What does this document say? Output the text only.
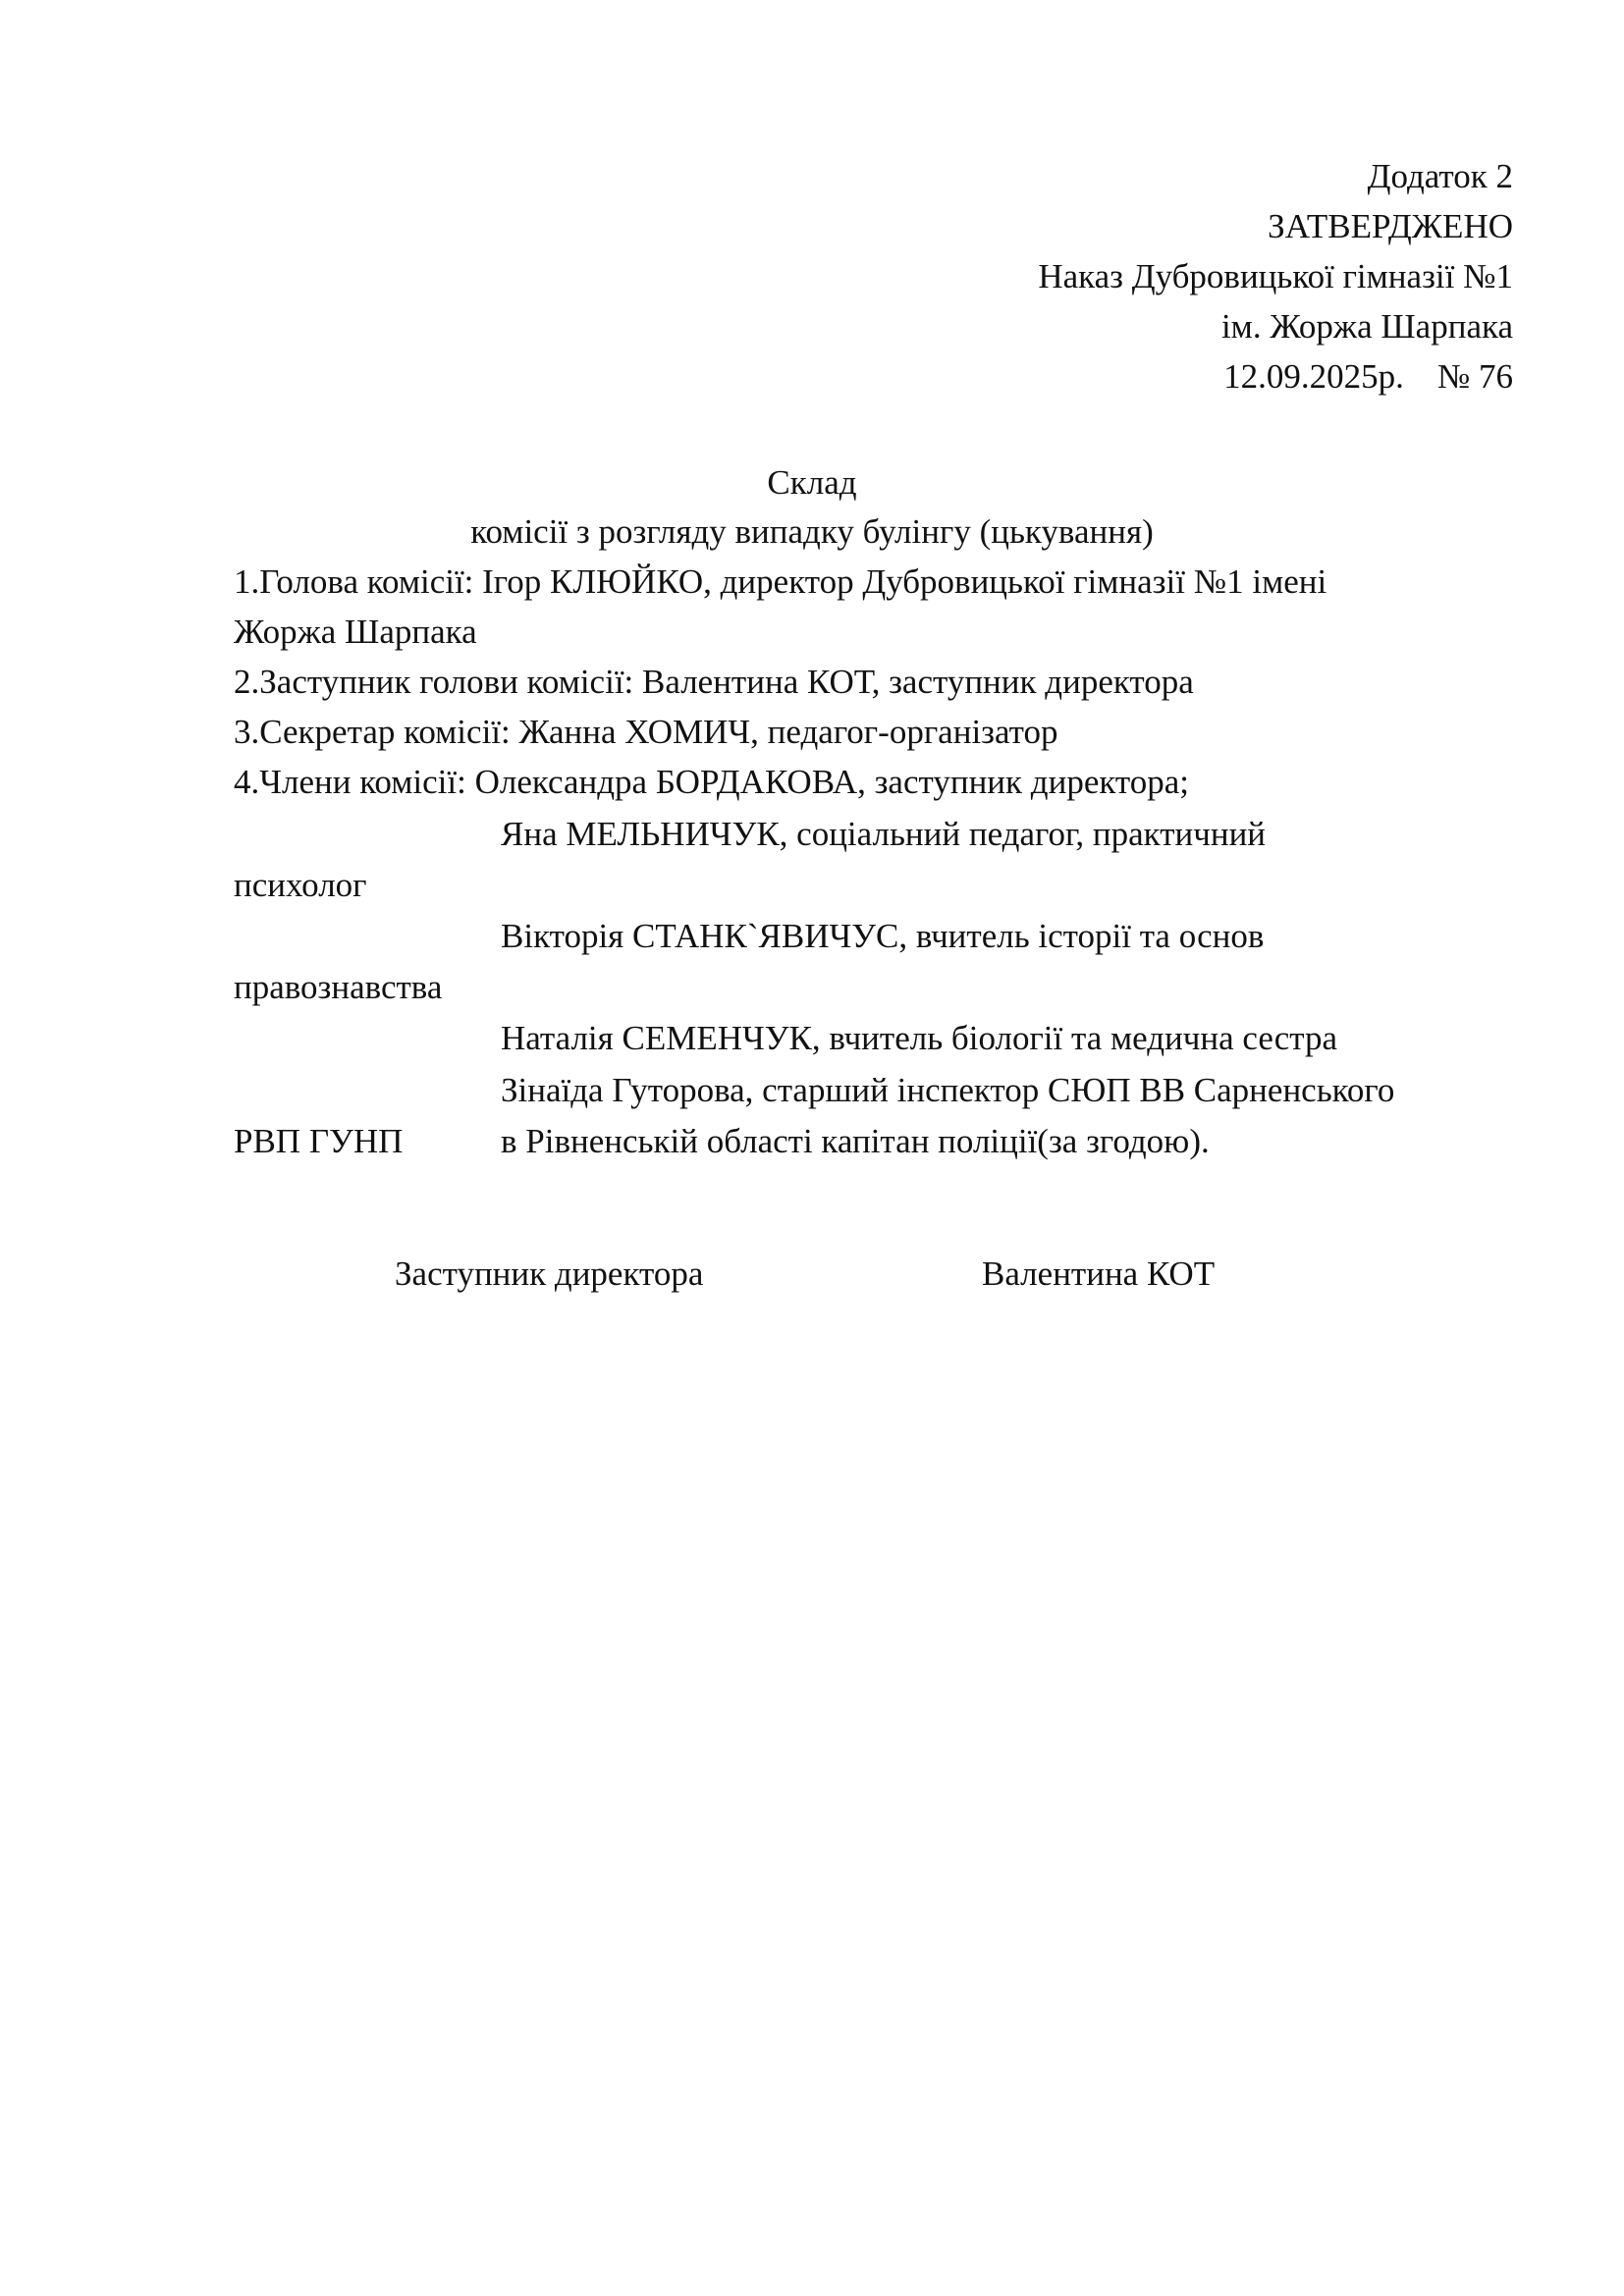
Додаток 2
ЗАТВЕРДЖЕНО
Наказ Дубровицької гімназії №1
ім. Жоржа Шарпака
12.09.2025р. № 76
Склад
комісії з розгляду випадку булінгу (цькування)
1.Голова комісії: Ігор КЛЮЙКО, директор Дубровицької гімназії №1 імені
Жоржа Шарпака
2.Заступник голови комісії: Валентина КОТ, заступник директора
3.Секретар комісії: Жанна ХОМИЧ, педагог-організатор
4.Члени комісії: Олександра БОРДАКОВА, заступник директора;
Яна МЕЛЬНИЧУК, соціальний педагог, практичний
психолог
Вікторія СТАНК`ЯВИЧУС, вчитель історії та основ
правознавства
Наталія СЕМЕНЧУК, вчитель біології та медична сестра
Зінаїда Гуторова, старший інспектор СЮП ВВ Сарненського
РВП ГУНП	в Рівненській області капітан поліції(за згодою).
Заступник директора	Валентина КОТ
